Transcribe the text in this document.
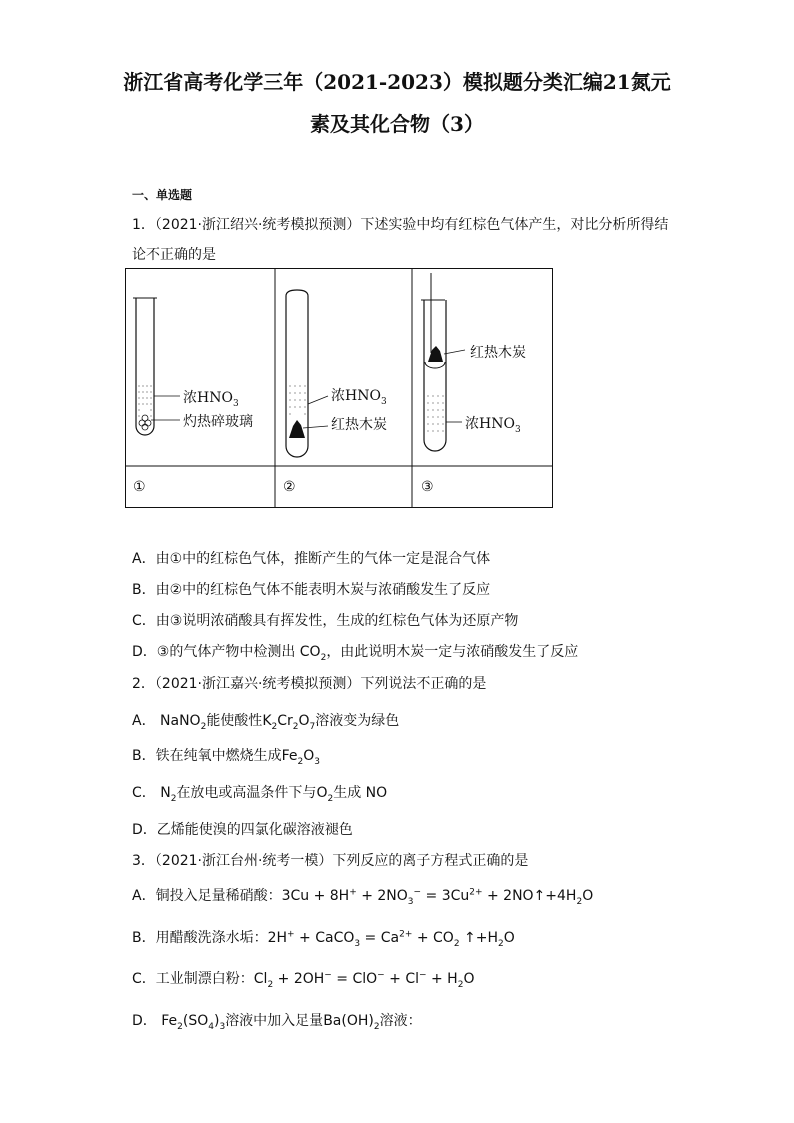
浙江省高考化学三年（2021-2023）模拟题分类汇编21氮元
素及其化合物（3）
一、单选题
1．（2021·浙江绍兴·统考模拟预测）下述实验中均有红棕色气体产生，对比分析所得结
论不正确的是
浓$HNO_3$
灼热碎玻璃
浓$HNO_3$
红热木炭
红热木炭
浓$HNO_3$
①	②	③
A．由①中的红棕色气体，推断产生的气体一定是混合气体
B．由②中的红棕色气体不能表明木炭与浓硝酸发生了反应
C．由③说明浓硝酸具有挥发性，生成的红棕色气体为还原产物
D．③的气体产物中检测出 $CO_2$，由此说明木炭一定与浓硝酸发生了反应
2．（2021·浙江嘉兴·统考模拟预测）下列说法不正确的是
A． NaNO$_2$能使酸性$K_2Cr_2O_7$溶液变为绿色
B．铁在纯氧中燃烧生成$Fe_2O_3$
C． $N_2$在放电或高温条件下与$O_2$生成 NO
D．乙烯能使溴的四氯化碳溶液褪色
3．（2021·浙江台州·统考一模）下列反应的离子方程式正确的是
A．铜投入足量稀硝酸：$3Cu + 8H^+ + 2NO_3^- = 3Cu^{2+}$ + $2NO↑+4H_2O$
B．用醋酸洗涤水垢：2H+ + CaCO$_3$ = $Ca^{2+} + CO_2$ $↑+H_2O$
C．工业制漂白粉：$Cl_2 + 2OH^- = ClO^- + Cl^- + H_2O$
D． $Fe_2(SO_4)_3$溶液中加入足量$Ba(OH)_2$溶液：
